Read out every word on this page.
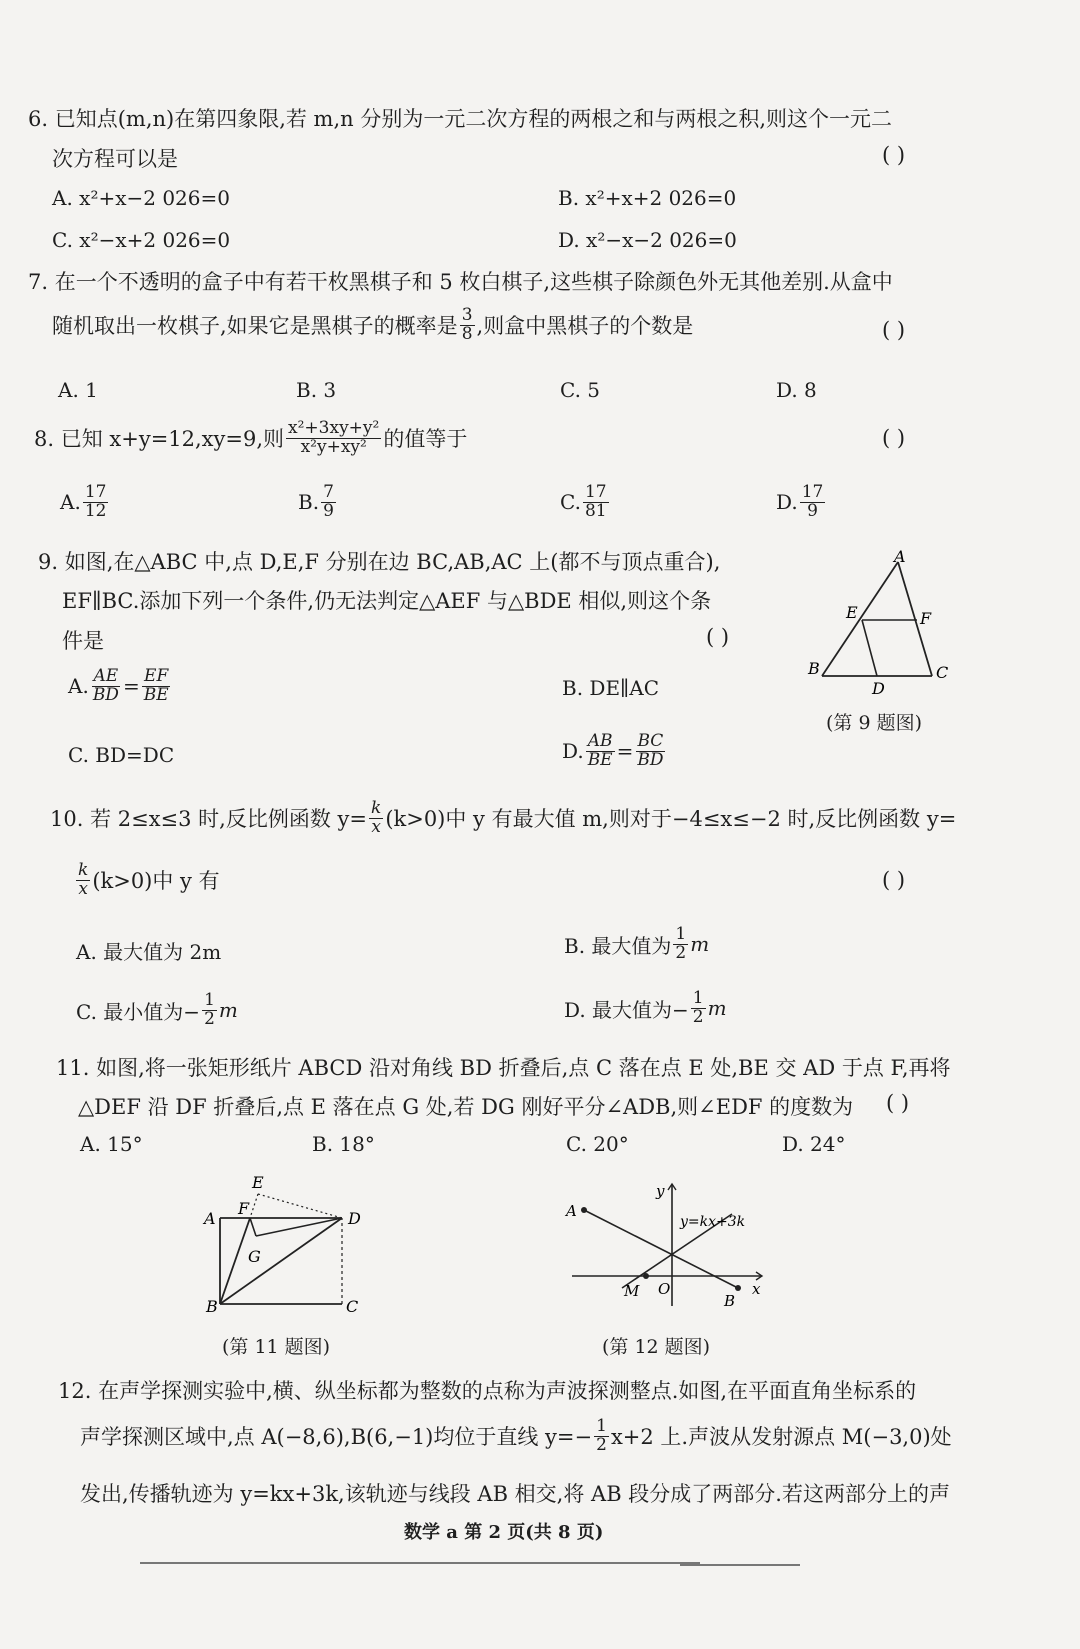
6. 已知点(m,n)在第四象限,若 m,n 分别为一元二次方程的两根之和与两根之积,则这个一元二
次方程可以是	( )
A. x²+x−2 026=0	B. x²+x+2 026=0
C. x²−x+2 026=0	D. x²−x−2 026=0
7. 在一个不透明的盒子中有若干枚黑棋子和 5 枚白棋子,这些棋子除颜色外无其他差别.从盒中
随机取出一枚棋子,如果它是黑棋子的概率是 $\frac{3}{8}$ ,则盒中黑棋子的个数是	( )
A. 1	B. 3	C. 5	D. 8
8. 已知 x+y=12,xy=9,则 $\frac{\text{x²+3xy+y²}}{\text{x²y+xy²}}$ 的值等于	( )
A. $\frac{17}{12}$	B. $\frac{7}{9}$	C. $\frac{17}{81}$	D. $\frac{17}{9}$
9. 如图,在△ABC 中,点 D,E,F 分别在边 BC,AB,AC 上(都不与顶点重合),
EF∥BC.添加下列一个条件,仍无法判定△AEF 与△BDE 相似,则这个条
件是	( )
A. $\frac{AE}{BD} = \frac{EF}{BE}$	B. DE∥AC
C. BD=DC	D. $\frac{AB}{BE} = \frac{BC}{BD}$
A
E	F
B	C
D
(第 9 题图)
10. 若 2≤x≤3 时,反比例函数 $y= \frac{k}{x} (k>0)$中 y 有最大值 m,则对于−4≤x≤−2 时,反比例函数 y=
$\frac{k}{x} (k>0)$中 y 有	( )
A. 最大值为 2m	B. 最大值为 $\frac{1}{2}$ m
C. 最小值为− $\frac{1}{2}$ m	D. 最大值为− $\frac{1}{2}$ m
11. 如图,将一张矩形纸片 ABCD 沿对角线 BD 折叠后,点 C 落在点 E 处,BE 交 AD 于点 F,再将
△DEF 沿 DF 折叠后,点 E 落在点 G 处,若 DG 刚好平分∠ADB,则∠EDF 的度数为 ( )
A. 15°	B. 18°	C. 20°	D. 24°
E
A
F
D
G
B	C
(第 11 题图)
A
B
M O	x
y
y=kx+3k
(第 12 题图)
12. 在声学探测实验中,横、纵坐标都为整数的点称为声波探测整点.如图,在平面直角坐标系的
声学探测区域中,点 A(−8,6),B(6,−1)均位于直线 $y=- \frac{1}{2} x+2$ 上.声波从发射源点 M(−3,0)处
发出,传播轨迹为 y=kx+3k,该轨迹与线段 AB 相交,将 AB 段分成了两部分.若这两部分上的声
数学 a 第 2 页(共 8 页)
